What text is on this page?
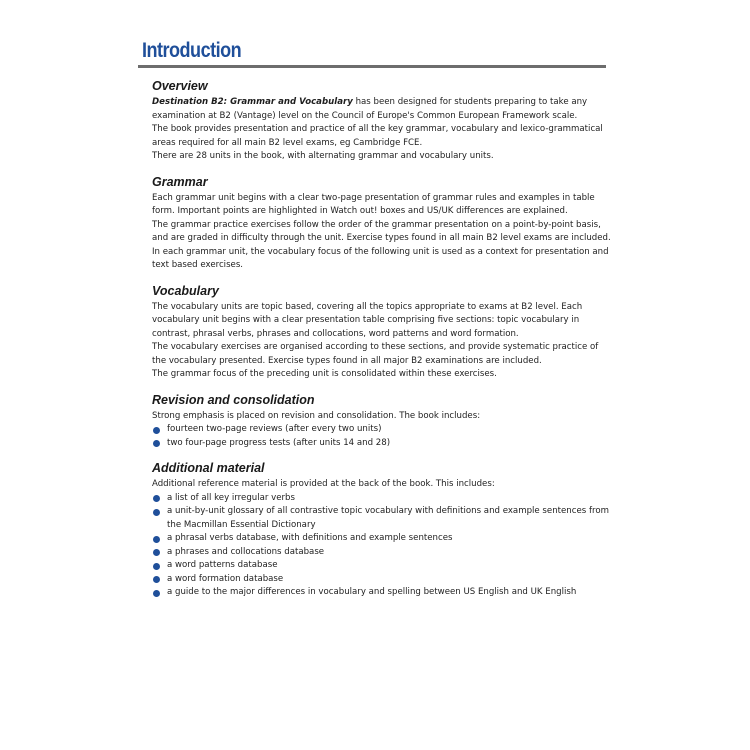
Introduction
Overview

Destination B2: Grammar and Vocabulary has been designed for students preparing to take any examination at B2 (Vantage) level on the Council of Europe's Common European Framework scale.

The book provides presentation and practice of all the key grammar, vocabulary and lexico-grammatical areas required for all main B2 level exams, eg Cambridge FCE.

There are 28 units in the book, with alternating grammar and vocabulary units.

Grammar

Each grammar unit begins with a clear two-page presentation of grammar rules and examples in table form. Important points are highlighted in Watch out! boxes and US/UK differences are explained.

The grammar practice exercises follow the order of the grammar presentation on a point-by-point basis, and are graded in difficulty through the unit. Exercise types found in all main B2 level exams are included.

In each grammar unit, the vocabulary focus of the following unit is used as a context for presentation and text based exercises.

Vocabulary

The vocabulary units are topic based, covering all the topics appropriate to exams at B2 level. Each vocabulary unit begins with a clear presentation table comprising five sections: topic vocabulary in contrast, phrasal verbs, phrases and collocations, word patterns and word formation.

The vocabulary exercises are organised according to these sections, and provide systematic practice of the vocabulary presented. Exercise types found in all major B2 examinations are included.

The grammar focus of the preceding unit is consolidated within these exercises.

Revision and consolidation

Strong emphasis is placed on revision and consolidation. The book includes:

fourteen two-page reviews (after every two units)
two four-page progress tests (after units 14 and 28)
Additional material

Additional reference material is provided at the back of the book. This includes:

a list of all key irregular verbs
a unit-by-unit glossary of all contrastive topic vocabulary with definitions and example sentences from the Macmillan Essential Dictionary
a phrasal verbs database, with definitions and example sentences
a phrases and collocations database
a word patterns database
a word formation database
a guide to the major differences in vocabulary and spelling between US English and UK English
